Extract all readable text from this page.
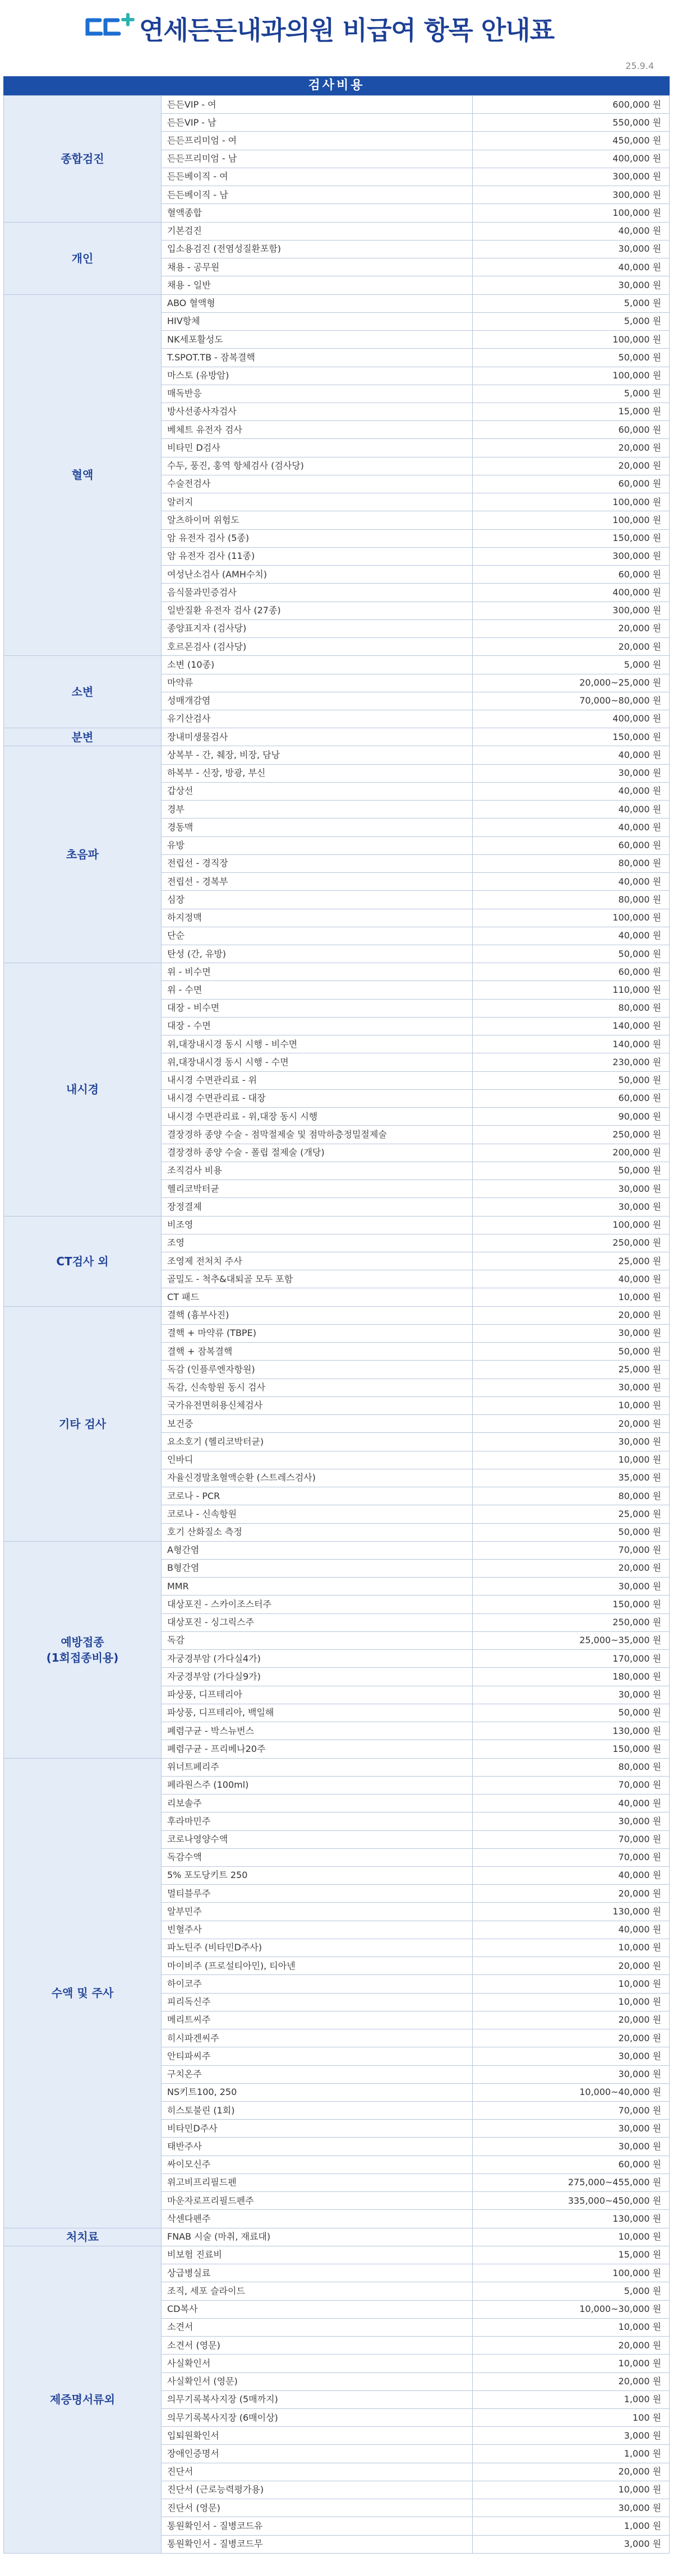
연세든든내과의원 비급여 항목 안내표
25.9.4
검사비용
종합검진	든든VIP - 여	600,000 원
	든든VIP - 남	550,000 원
	든든프리미엄 - 여	450,000 원
	든든프리미엄 - 남	400,000 원
	든든베이직 - 여	300,000 원
	든든베이직 - 남	300,000 원
	혈액종합	100,000 원
개인	기본검진	40,000 원
	입소용검진 (전염성질환포함)	30,000 원
	채용 - 공무원	40,000 원
	채용 - 일반	30,000 원
혈액	ABO 혈액형	5,000 원
	HIV항체	5,000 원
	NK세포활성도	100,000 원
	T.SPOT.TB - 잠복결핵	50,000 원
	마스토 (유방암)	100,000 원
	매독반응	5,000 원
	방사선종사자검사	15,000 원
	베체트 유전자 검사	60,000 원
	비타민 D검사	20,000 원
	수두, 풍진, 홍역 항체검사 (검사당)	20,000 원
	수술전검사	60,000 원
	알러지	100,000 원
	알츠하이머 위험도	100,000 원
	암 유전자 검사 (5종)	150,000 원
	암 유전자 검사 (11종)	300,000 원
	여성난소검사 (AMH수치)	60,000 원
	음식물과민증검사	400,000 원
	일반질환 유전자 검사 (27종)	300,000 원
	종양표지자 (검사당)	20,000 원
	호르몬검사 (검사당)	20,000 원
소변	소변 (10종)	5,000 원
	마약류	20,000~25,000 원
	성매개감염	70,000~80,000 원
	유기산검사	400,000 원
분변	장내미생물검사	150,000 원
초음파	상복부 - 간, 췌장, 비장, 담낭	40,000 원
	하복부 - 신장, 방광, 부신	30,000 원
	갑상선	40,000 원
	경부	40,000 원
	경동맥	40,000 원
	유방	60,000 원
	전립선 - 경직장	80,000 원
	전립선 - 경복부	40,000 원
	심장	80,000 원
	하지정맥	100,000 원
	단순	40,000 원
	탄성 (간, 유방)	50,000 원
내시경	위 - 비수면	60,000 원
	위 - 수면	110,000 원
	대장 - 비수면	80,000 원
	대장 - 수면	140,000 원
	위,대장내시경 동시 시행 - 비수면	140,000 원
	위,대장내시경 동시 시행 - 수면	230,000 원
	내시경 수면관리료 - 위	50,000 원
	내시경 수면관리료 - 대장	60,000 원
	내시경 수면관리료 - 위,대장 동시 시행	90,000 원
	결장경하 종양 수술 - 점막절제술 및 점막하층정밀절제술	250,000 원
	결장경하 종양 수술 - 폴립 절제술 (개당)	200,000 원
	조직검사 비용	50,000 원
	헬리코박터균	30,000 원
	장정결제	30,000 원
CT검사 외	비조영	100,000 원
	조영	250,000 원
	조영제 전처치 주사	25,000 원
	골밀도 - 척추&대퇴골 모두 포함	40,000 원
	CT 패드	10,000 원
기타 검사	결핵 (흉부사진)	20,000 원
	결핵 + 마약류 (TBPE)	30,000 원
	결핵 + 잠복결핵	50,000 원
	독감 (인플루엔자항원)	25,000 원
	독감, 신속항원 동시 검사	30,000 원
	국가유전면허용신체검사	10,000 원
	보건증	20,000 원
	요소호기 (헬리코박터균)	30,000 원
	인바디	10,000 원
	자율신경말초혈액순환 (스트레스검사)	35,000 원
	코로나 - PCR	80,000 원
	코로나 - 신속항원	25,000 원
	호기 산화질소 측정	50,000 원
예방접종
(1회접종비용)	A형간염	70,000 원
	B형간염	20,000 원
	MMR	30,000 원
	대상포진 - 스카이조스터주	150,000 원
	대상포진 - 싱그릭스주	250,000 원
	독감	25,000~35,000 원
	자궁경부암 (가다실4가)	170,000 원
	자궁경부암 (가다실9가)	180,000 원
	파상풍, 디프테리아	30,000 원
	파상풍, 디프테리아, 백일해	50,000 원
	폐렴구균 - 박스뉴번스	130,000 원
	폐렴구균 - 프리베나20주	150,000 원
수액 및 주사	위너트페리주	80,000 원
	페라원스주 (100ml)	70,000 원
	리보솔주	40,000 원
	후라마민주	30,000 원
	코로나영양수액	70,000 원
	독감수액	70,000 원
	5% 포도당키트 250	40,000 원
	멀티블루주	20,000 원
	알부민주	130,000 원
	빈혈주사	40,000 원
	파노틴주 (비타민D주사)	10,000 원
	마이비주 (프로설티아민), 티아넨	20,000 원
	하이코주	10,000 원
	피리독신주	10,000 원
	메리트씨주	20,000 원
	히시파겐씨주	20,000 원
	안티파씨주	30,000 원
	구치온주	30,000 원
	NS키트100, 250	10,000~40,000 원
	히스토불린 (1회)	70,000 원
	비타민D주사	30,000 원
	태반주사	30,000 원
	싸이모신주	60,000 원
	위고비프리필드펜	275,000~455,000 원
	마운자로프리필드펜주	335,000~450,000 원
	삭센다펜주	130,000 원
처치료	FNAB 시술 (마취, 재료대)	10,000 원
제증명서류외	비보험 진료비	15,000 원
	상급병실료	100,000 원
	조직, 세포 슬라이드	5,000 원
	CD복사	10,000~30,000 원
	소견서	10,000 원
	소견서 (영문)	20,000 원
	사실확인서	10,000 원
	사실확인서 (영문)	20,000 원
	의무기록복사지장 (5매까지)	1,000 원
	의무기록복사지장 (6매이상)	100 원
	입퇴원확인서	3,000 원
	장애인증명서	1,000 원
	진단서	20,000 원
	진단서 (근로능력평가용)	10,000 원
	진단서 (영문)	30,000 원
	통원확인서 - 질병코드유	1,000 원
	통원확인서 - 질병코드무	3,000 원
